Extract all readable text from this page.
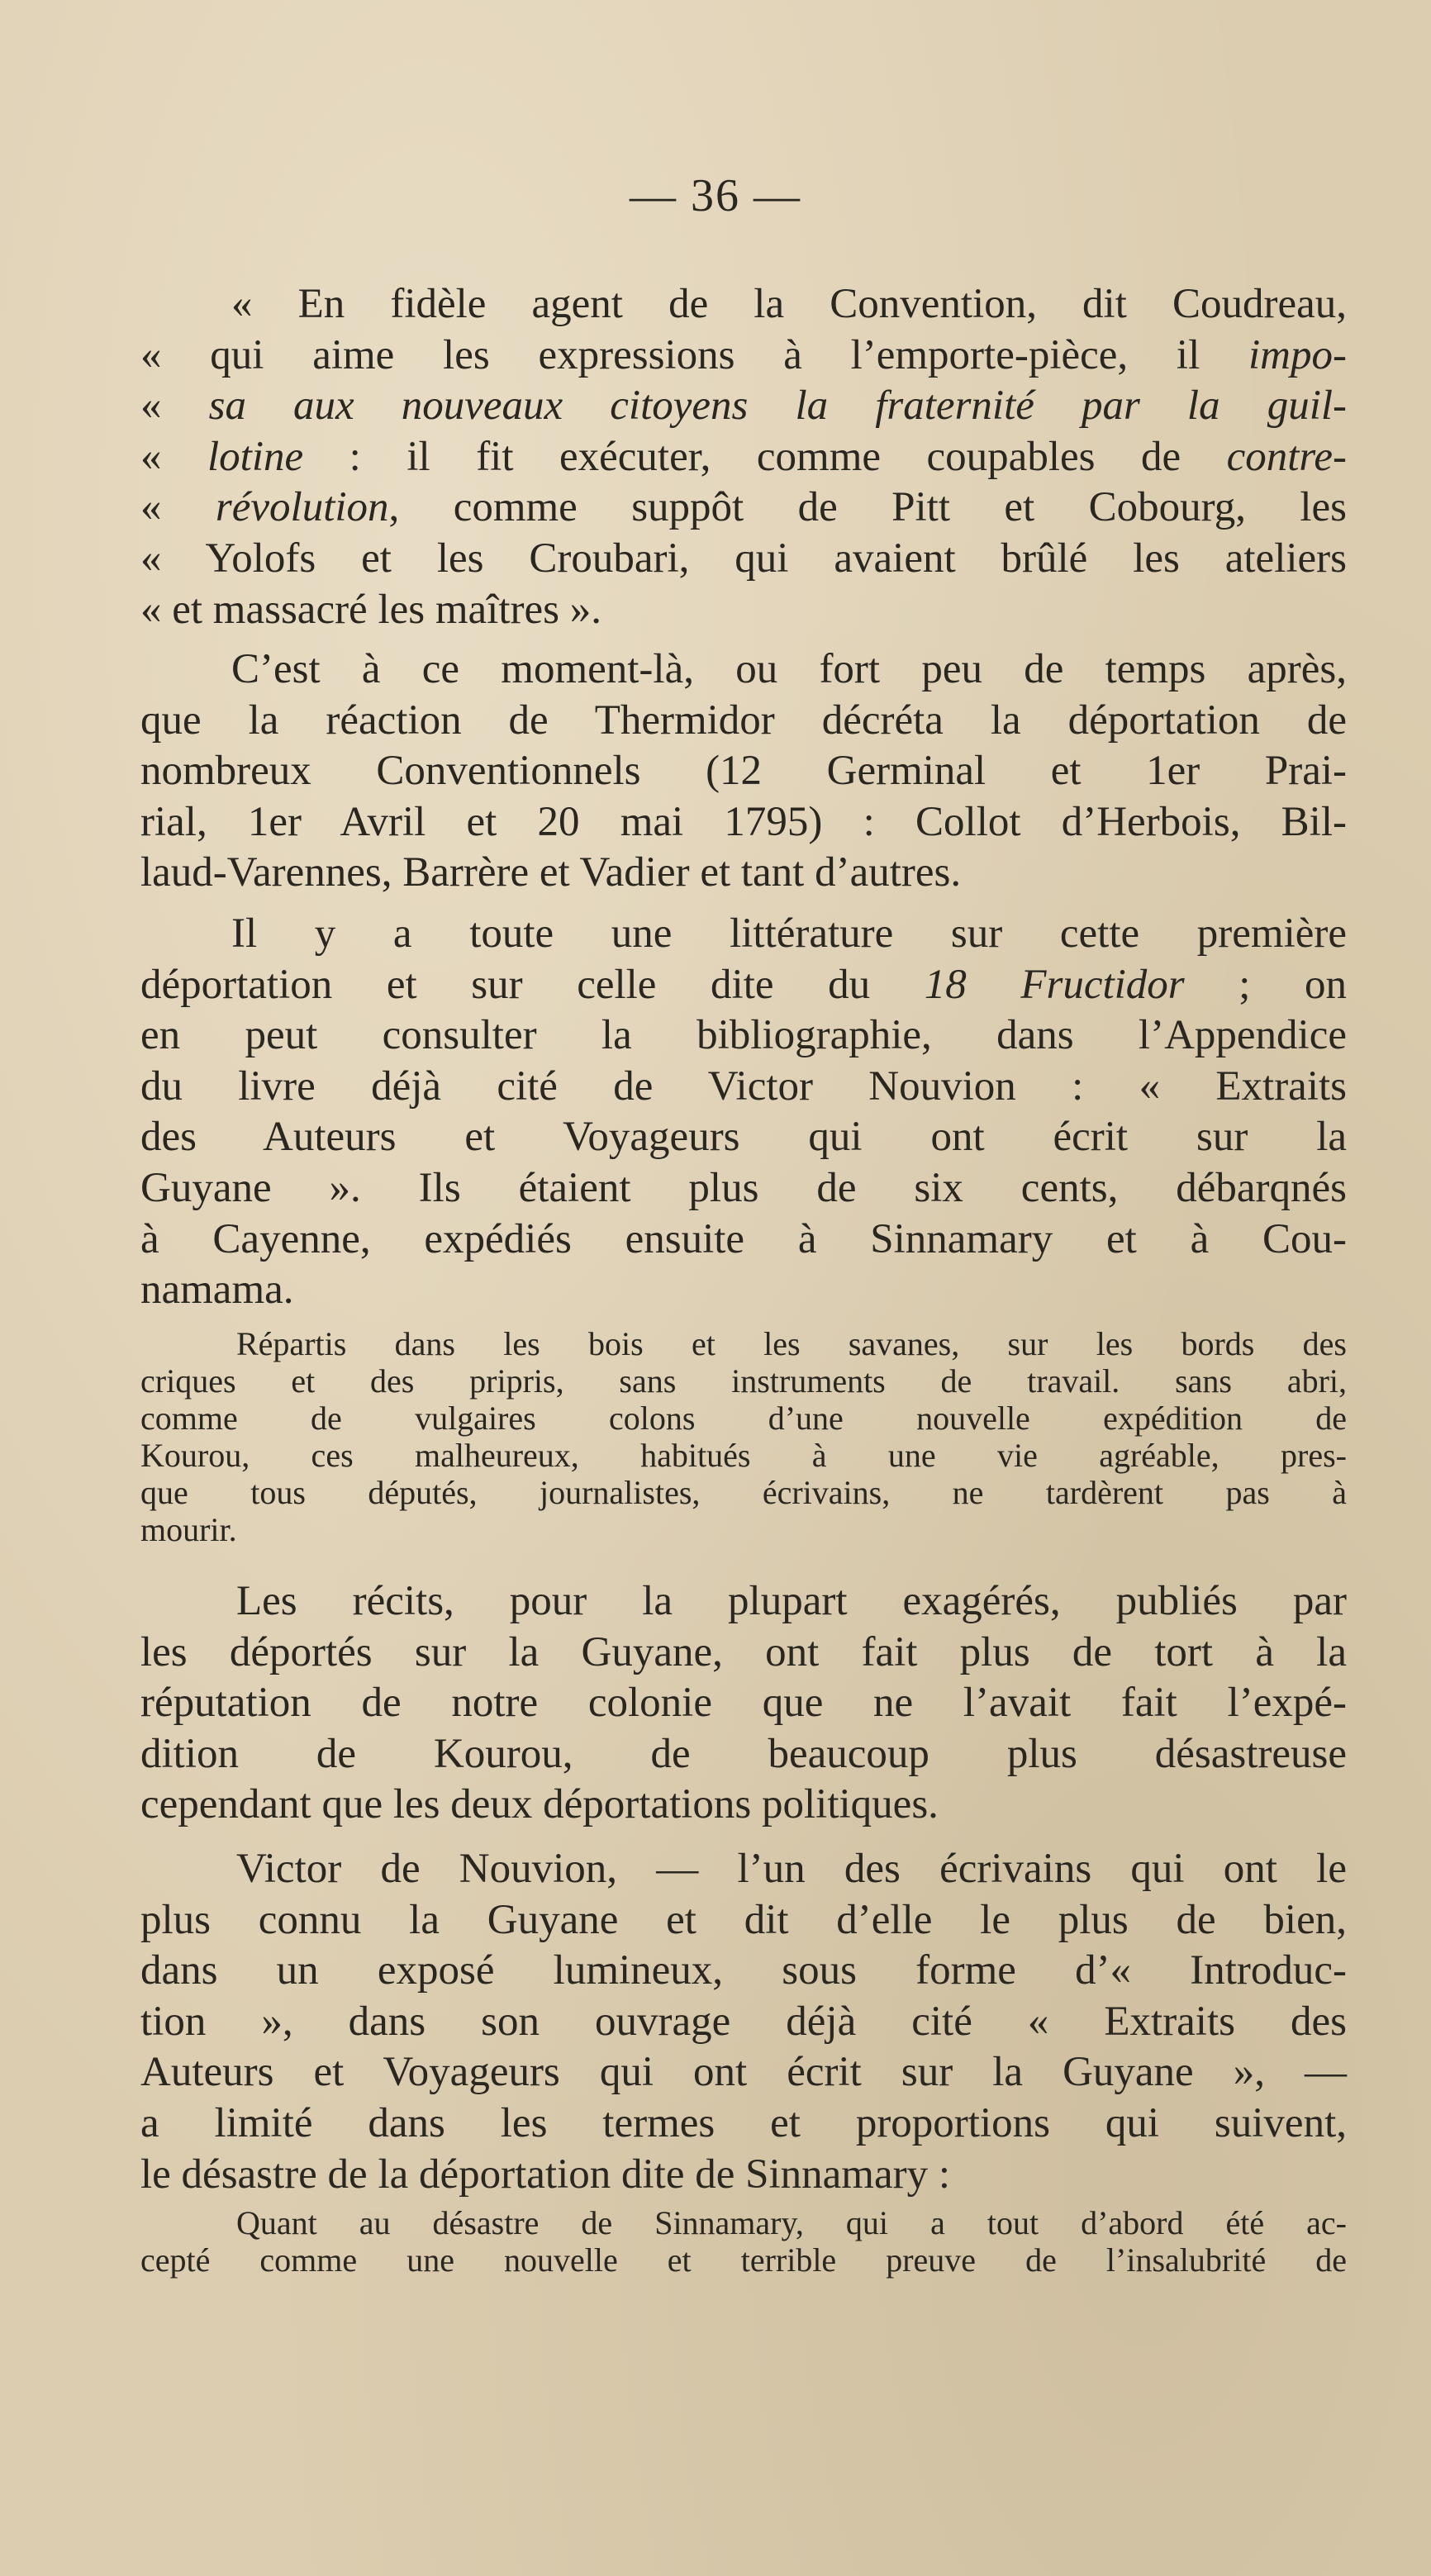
— 36 —

« En fidèle agent de la Convention, dit Coudreau,
« qui aime les expressions à l’emporte-pièce, il impo-
« sa aux nouveaux citoyens la fraternité par la guil-
« lotine : il fit exécuter, comme coupables de contre-
« révolution, comme suppôt de Pitt et Cobourg, les
« Yolofs et les Croubari, qui avaient brûlé les ateliers
« et massacré les maîtres ».

C’est à ce moment-là, ou fort peu de temps après,
que la réaction de Thermidor décréta la déportation de
nombreux Conventionnels (12 Germinal et 1er Prai-
rial, 1er Avril et 20 mai 1795) : Collot d’Herbois, Bil-
laud-Varennes, Barrère et Vadier et tant d’autres.

Il y a toute une littérature sur cette première
déportation et sur celle dite du 18 Fructidor ; on
en peut consulter la bibliographie, dans l’Appendice
du livre déjà cité de Victor Nouvion : « Extraits
des Auteurs et Voyageurs qui ont écrit sur la
Guyane ». Ils étaient plus de six cents, débarqnés
à Cayenne, expédiés ensuite à Sinnamary et à Cou-
namama.

Répartis dans les bois et les savanes, sur les bords des
criques et des pripris, sans instruments de travail. sans abri,
comme de vulgaires colons d’une nouvelle expédition de
Kourou, ces malheureux, habitués à une vie agréable, pres-
que tous députés, journalistes, écrivains, ne tardèrent pas à
mourir.

Les récits, pour la plupart exagérés, publiés par
les déportés sur la Guyane, ont fait plus de tort à la
réputation de notre colonie que ne l’avait fait l’expé-
dition de Kourou, de beaucoup plus désastreuse
cependant que les deux déportations politiques.

Victor de Nouvion, — l’un des écrivains qui ont le
plus connu la Guyane et dit d’elle le plus de bien,
dans un exposé lumineux, sous forme d’« Introduc-
tion », dans son ouvrage déjà cité « Extraits des
Auteurs et Voyageurs qui ont écrit sur la Guyane », —
a limité dans les termes et proportions qui suivent,
le désastre de la déportation dite de Sinnamary :

Quant au désastre de Sinnamary, qui a tout d’abord été ac-
cepté comme une nouvelle et terrible preuve de l’insalubrité de
